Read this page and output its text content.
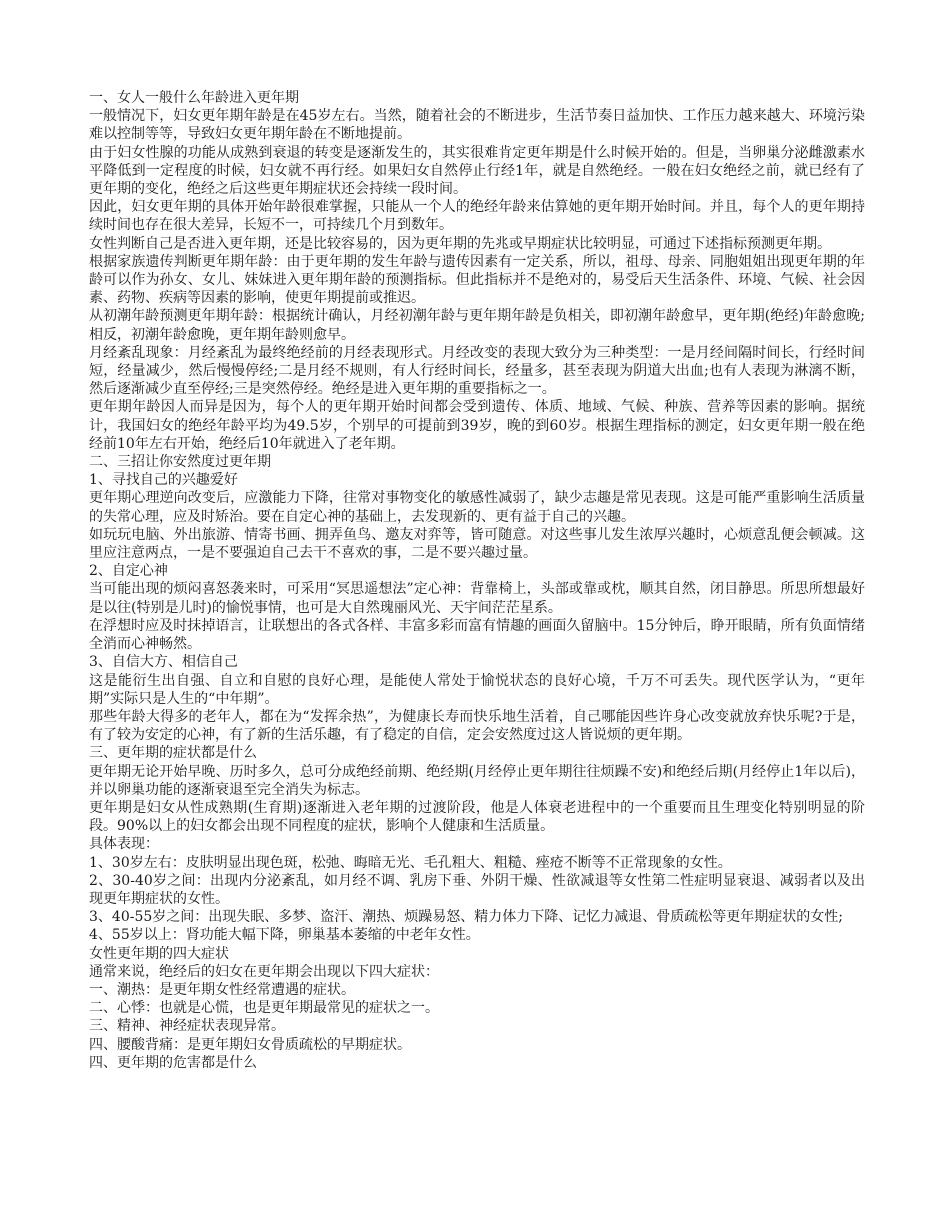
一、女人一般什么年龄进入更年期

一般情况下，妇女更年期年龄是在45岁左右。当然，随着社会的不断进步，生活节奏日益加快、工作压力越来越大、环境污染难以控制等等，导致妇女更年期年龄在不断地提前。

由于妇女性腺的功能从成熟到衰退的转变是逐渐发生的，其实很难肯定更年期是什么时候开始的。但是，当卵巢分泌雌激素水平降低到一定程度的时候，妇女就不再行经。如果妇女自然停止行经1年，就是自然绝经。一般在妇女绝经之前，就已经有了更年期的变化，绝经之后这些更年期症状还会持续一段时间。

因此，妇女更年期的具体开始年龄很难掌握，只能从一个人的绝经年龄来估算她的更年期开始时间。并且，每个人的更年期持续时间也存在很大差异，长短不一，可持续几个月到数年。

女性判断自己是否进入更年期，还是比较容易的，因为更年期的先兆或早期症状比较明显，可通过下述指标预测更年期。

根据家族遗传判断更年期年龄：由于更年期的发生年龄与遗传因素有一定关系，所以，祖母、母亲、同胞姐姐出现更年期的年龄可以作为孙女、女儿、妹妹进入更年期年龄的预测指标。但此指标并不是绝对的，易受后天生活条件、环境、气候、社会因素、药物、疾病等因素的影响，使更年期提前或推迟。

从初潮年龄预测更年期年龄：根据统计确认，月经初潮年龄与更年期年龄是负相关，即初潮年龄愈早，更年期(绝经)年龄愈晚;相反，初潮年龄愈晚，更年期年龄则愈早。

月经紊乱现象：月经紊乱为最终绝经前的月经表现形式。月经改变的表现大致分为三种类型：一是月经间隔时间长，行经时间短，经量减少，然后慢慢停经;二是月经不规则，有人行经时间长，经量多，甚至表现为阴道大出血;也有人表现为淋漓不断，然后逐渐减少直至停经;三是突然停经。绝经是进入更年期的重要指标之一。

更年期年龄因人而异是因为，每个人的更年期开始时间都会受到遗传、体质、地域、气候、种族、营养等因素的影响。据统计，我国妇女的绝经年龄平均为49.5岁，个别早的可提前到39岁，晚的到60岁。根据生理指标的测定，妇女更年期一般在绝经前10年左右开始，绝经后10年就进入了老年期。

二、三招让你安然度过更年期

1、寻找自己的兴趣爱好

更年期心理逆向改变后，应激能力下降，往常对事物变化的敏感性减弱了，缺少志趣是常见表现。这是可能严重影响生活质量的失常心理，应及时矫治。要在自定心神的基础上，去发现新的、更有益于自己的兴趣。

如玩玩电脑、外出旅游、情寄书画、拥弄鱼鸟、邀友对弈等，皆可随意。对这些事儿发生浓厚兴趣时，心烦意乱便会顿减。这里应注意两点，一是不要强迫自己去干不喜欢的事，二是不要兴趣过量。

2、自定心神

当可能出现的烦闷喜怒袭来时，可采用“冥思遥想法”定心神：背靠椅上，头部或靠或枕，顺其自然，闭目静思。所思所想最好是以往(特别是儿时)的愉悦事情，也可是大自然瑰丽风光、天宇间茫茫星系。

在浮想时应及时抹掉语言，让联想出的各式各样、丰富多彩而富有情趣的画面久留脑中。15分钟后，睁开眼睛，所有负面情绪全消而心神畅然。

3、自信大方、相信自己

这是能衍生出自强、自立和自慰的良好心理，是能使人常处于愉悦状态的良好心境，千万不可丢失。现代医学认为，“更年期”实际只是人生的“中年期”。

那些年龄大得多的老年人，都在为“发挥余热”，为健康长寿而快乐地生活着，自己哪能因些许身心改变就放弃快乐呢?于是，有了较为安定的心神，有了新的生活乐趣，有了稳定的自信，定会安然度过这人皆说烦的更年期。

三、更年期的症状都是什么

更年期无论开始早晚、历时多久，总可分成绝经前期、绝经期(月经停止更年期往往烦躁不安)和绝经后期(月经停止1年以后)，并以卵巢功能的逐渐衰退至完全消失为标志。

更年期是妇女从性成熟期(生育期)逐渐进入老年期的过渡阶段，他是人体衰老进程中的一个重要而且生理变化特别明显的阶段。90%以上的妇女都会出现不同程度的症状，影响个人健康和生活质量。

具体表现：

1、30岁左右：皮肤明显出现色斑，松弛、晦暗无光、毛孔粗大、粗糙、痤疮不断等不正常现象的女性。

2、30-40岁之间：出现内分泌紊乱，如月经不调、乳房下垂、外阴干燥、性欲减退等女性第二性症明显衰退、减弱者以及出现更年期症状的女性。

3、40-55岁之间：出现失眠、多梦、盗汗、潮热、烦躁易怒、精力体力下降、记忆力减退、骨质疏松等更年期症状的女性;

4、55岁以上：肾功能大幅下降，卵巢基本萎缩的中老年女性。

女性更年期的四大症状

通常来说，绝经后的妇女在更年期会出现以下四大症状：

一、潮热：是更年期女性经常遭遇的症状。

二、心悸：也就是心慌，也是更年期最常见的症状之一。

三、精神、神经症状表现异常。

四、腰酸背痛：是更年期妇女骨质疏松的早期症状。

四、更年期的危害都是什么
